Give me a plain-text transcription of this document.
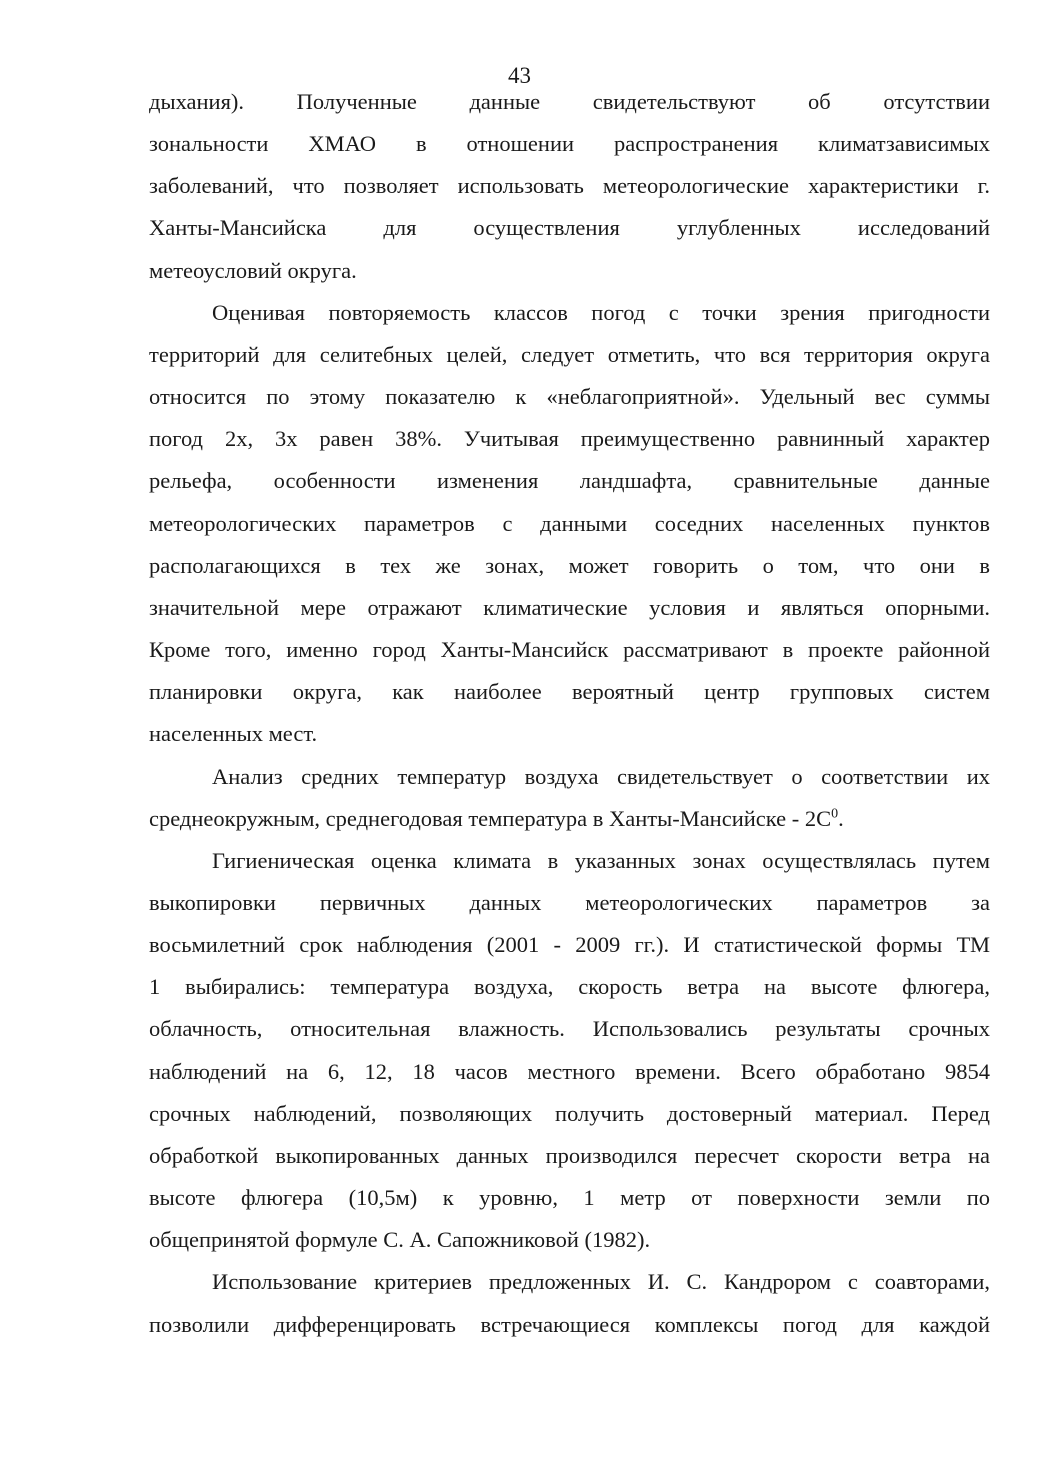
43

дыхания). Полученные данные свидетельствуют об отсутствии
зональности ХМАО в отношении распространения климатзависимых
заболеваний, что позволяет использовать метеорологические характеристики г.
Ханты-Мансийска для осуществления углубленных исследований
метеоусловий округа.

Оценивая повторяемость классов погод с точки зрения пригодности
территорий для селитебных целей, следует отметить, что вся территория округа
относится по этому показателю к «неблагоприятной». Удельный вес суммы
погод 2х, 3х равен 38%. Учитывая преимущественно равнинный характер
рельефа, особенности изменения ландшафта, сравнительные данные
метеорологических параметров с данными соседних населенных пунктов
располагающихся в тех же зонах, может говорить о том, что они в
значительной мере отражают климатические условия и являться опорными.
Кроме того, именно город Ханты-Мансийск рассматривают в проекте районной
планировки округа, как наиболее вероятный центр групповых систем
населенных мест.

Анализ средних температур воздуха свидетельствует о соответствии их
среднеокружным, среднегодовая температура в Ханты-Мансийске - $2С^0$.

Гигиеническая оценка климата в указанных зонах осуществлялась путем
выкопировки первичных данных метеорологических параметров за
восьмилетний срок наблюдения (2001 - 2009 гг.). И статистической формы ТМ
1 выбирались: температура воздуха, скорость ветра на высоте флюгера,
облачность, относительная влажность. Использовались результаты срочных
наблюдений на 6, 12, 18 часов местного времени. Всего обработано 9854
срочных наблюдений, позволяющих получить достоверный материал. Перед
обработкой выкопированных данных производился пересчет скорости ветра на
высоте флюгера (10,5м) к уровню, 1 метр от поверхности земли по
общепринятой формуле С. А. Сапожниковой (1982).

Использование критериев предложенных И. С. Кандрором с соавторами,
позволили дифференцировать встречающиеся комплексы погод для каждой
